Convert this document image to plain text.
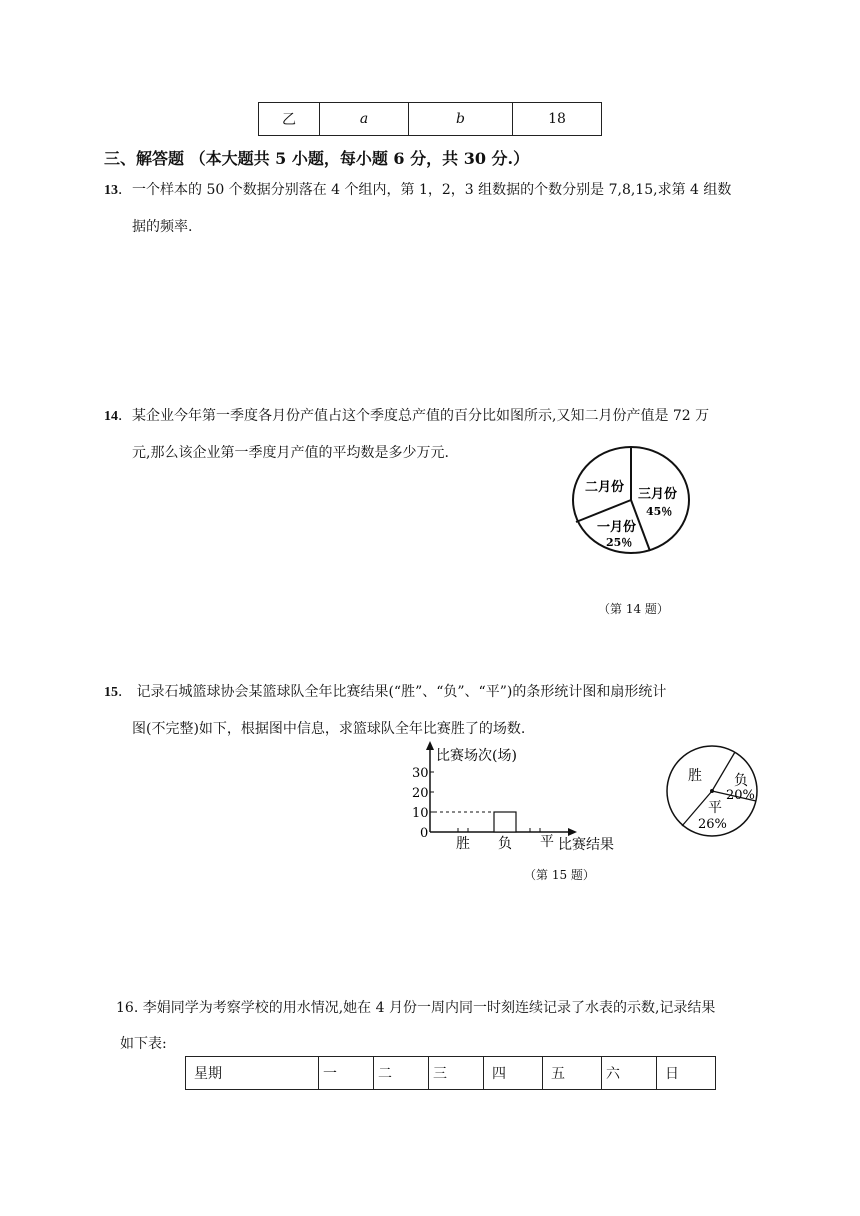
乙	a	b	18
三、解答题 （本大题共 5 小题，每小题 6 分，共 30 分.）
13．一个样本的 50 个数据分别落在 4 个组内，第 1，2，3 组数据的个数分别是 7,8,15,求第 4 组数
据的频率.
14．某企业今年第一季度各月份产值占这个季度总产值的百分比如图所示,又知二月份产值是 72 万
元,那么该企业第一季度月产值的平均数是多少万元.
二月份 三月份
45％
一月份
25％
（第 14 题）
15． 记录石城篮球协会某篮球队全年比赛结果(“胜”、“负”、“平”)的条形统计图和扇形统计
图(不完整)如下，根据图中信息，求篮球队全年比赛胜了的场数.
30
20
10
0
比赛场次(场)
胜 负 平 比赛结果
胜 负
20%
平
26%
（第 15 题）
16. 李娟同学为考察学校的用水情况,她在 4 月份一周内同一时刻连续记录了水表的示数,记录结果
如下表:
星期	一	二	三	四	五	六	日
